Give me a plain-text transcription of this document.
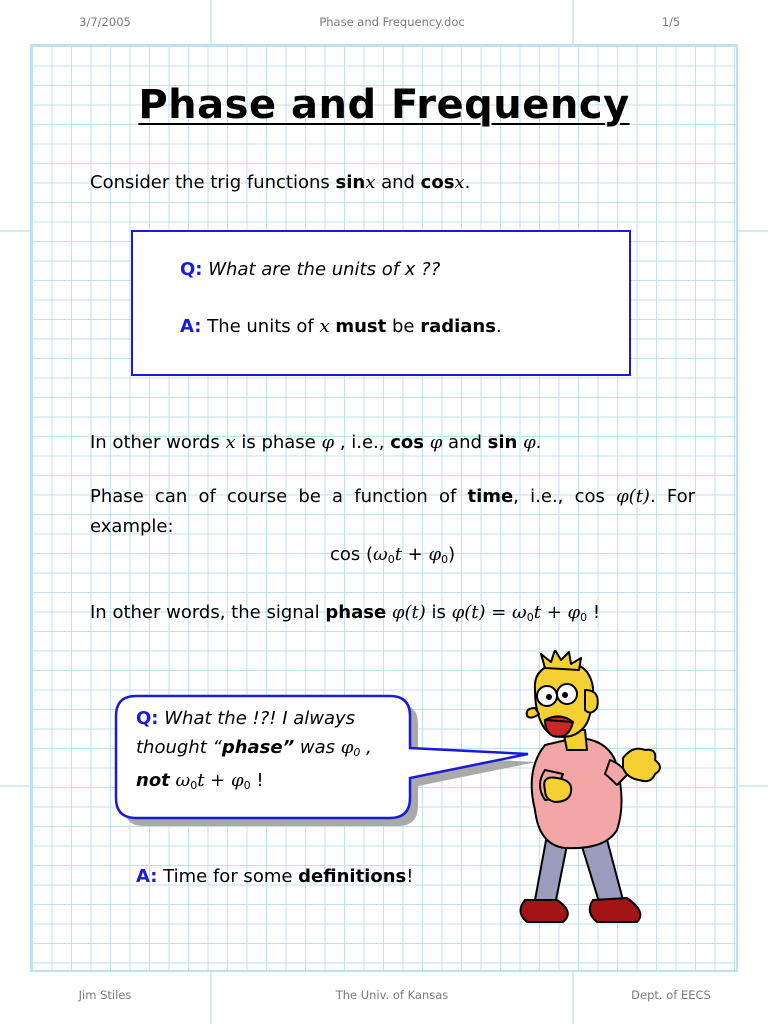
3/7/2005	Phase and Frequency.doc	1/5
Jim Stiles	The Univ. of Kansas	Dept. of EECS
Phase and Frequency
Consider the trig functions sinx and cosx.
Q: What are the units of x ??
A: The units of x must be radians.
In other words x is phase φ , i.e., cos φ and sin φ.
Phase can of course be a function of time, i.e., cos φ(t). For
example:
$\cos (\omega_0t + \varphi_0)$
In other words, the signal phase φ(t) is $\varphi(t) = \omega_0t + \varphi_0$ !
Q: What the !?! I always
thought “phase” was $\varphi_0$ ,
not $\omega_0t + \varphi_0$ !
A: Time for some definitions!
